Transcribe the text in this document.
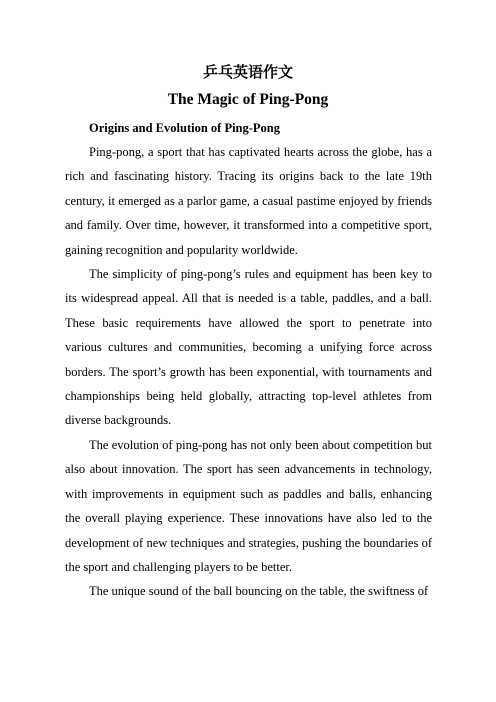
乒乓英语作文
The Magic of Ping-Pong

Origins and Evolution of Ping-Pong

Ping-pong, a sport that has captivated hearts across the globe, has a rich and fascinating history. Tracing its origins back to the late 19th century, it emerged as a parlor game, a casual pastime enjoyed by friends and family. Over time, however, it transformed into a competitive sport, gaining recognition and popularity worldwide.

The simplicity of ping-pong’s rules and equipment has been key to its widespread appeal. All that is needed is a table, paddles, and a ball. These basic requirements have allowed the sport to penetrate into various cultures and communities, becoming a unifying force across borders. The sport’s growth has been exponential, with tournaments and championships being held globally, attracting top-level athletes from diverse backgrounds.

The evolution of ping-pong has not only been about competition but also about innovation. The sport has seen advancements in technology, with improvements in equipment such as paddles and balls, enhancing the overall playing experience. These innovations have also led to the development of new techniques and strategies, pushing the boundaries of the sport and challenging players to be better.

The unique sound of the ball bouncing on the table, the swiftness of
